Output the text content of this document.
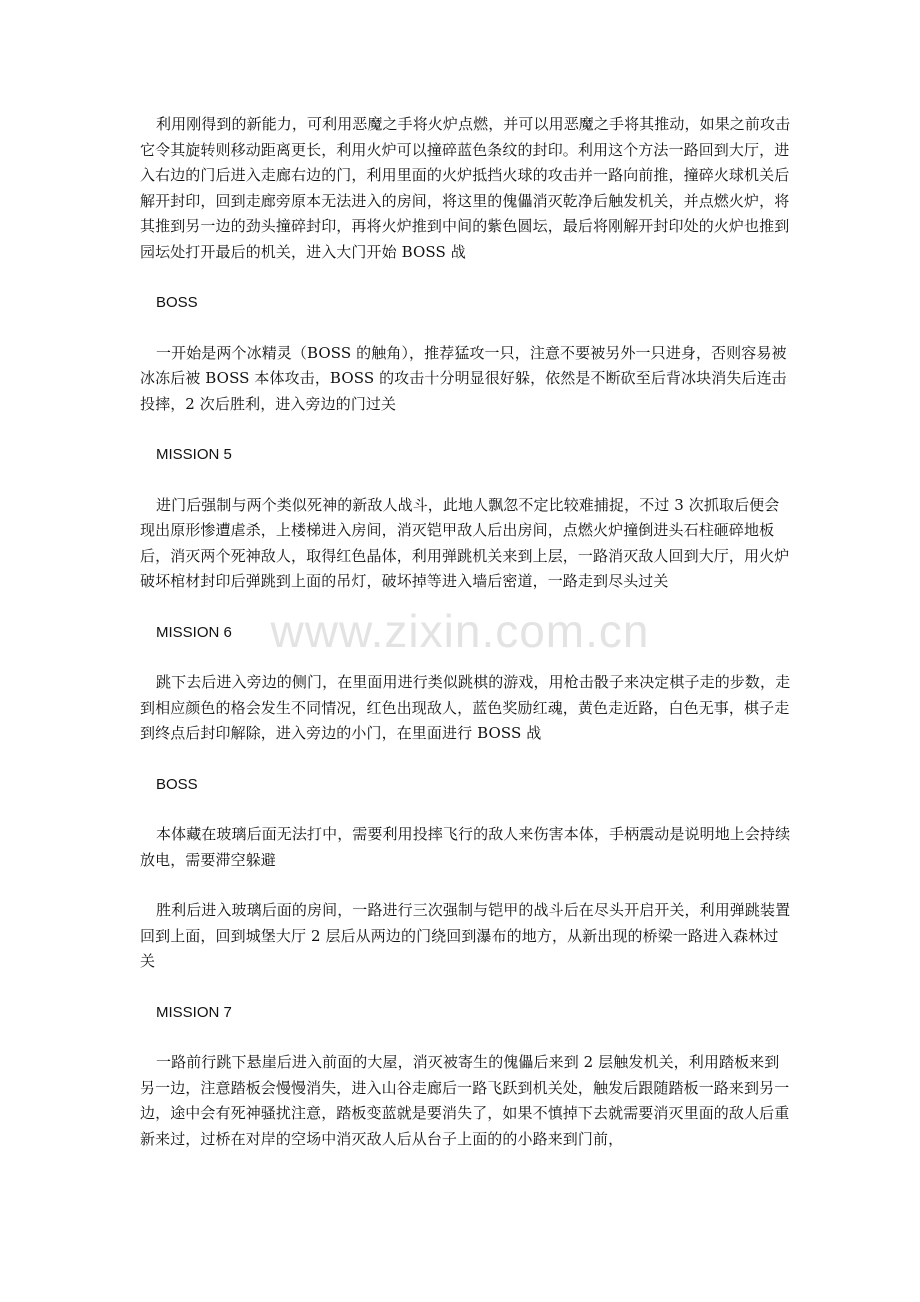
www.zixin.com.cn

利用刚得到的新能力，可利用恶魔之手将火炉点燃，并可以用恶魔之手将其推动，如果之前攻击它令其旋转则移动距离更长，利用火炉可以撞碎蓝色条纹的封印。利用这个方法一路回到大厅，进入右边的门后进入走廊右边的门，利用里面的火炉抵挡火球的攻击并一路向前推，撞碎火球机关后解开封印，回到走廊旁原本无法进入的房间，将这里的傀儡消灭乾净后触发机关，并点燃火炉，将其推到另一边的劲头撞碎封印，再将火炉推到中间的紫色圆坛，最后将刚解开封印处的火炉也推到园坛处打开最后的机关，进入大门开始 BOSS 战

BOSS

一开始是两个冰精灵（BOSS 的触角），推荐猛攻一只，注意不要被另外一只进身，否则容易被冰冻后被 BOSS 本体攻击，BOSS 的攻击十分明显很好躲，依然是不断砍至后背冰块消失后连击投摔，2 次后胜利，进入旁边的门过关

MISSION 5

进门后强制与两个类似死神的新敌人战斗，此地人飘忽不定比较难捕捉，不过 3 次抓取后便会现出原形惨遭虐杀，上楼梯进入房间，消灭铠甲敌人后出房间，点燃火炉撞倒进头石柱砸碎地板后，消灭两个死神敌人，取得红色晶体，利用弹跳机关来到上层，一路消灭敌人回到大厅，用火炉破坏棺材封印后弹跳到上面的吊灯，破坏掉等进入墙后密道，一路走到尽头过关

MISSION 6

跳下去后进入旁边的侧门，在里面用进行类似跳棋的游戏，用枪击骰子来决定棋子走的步数，走到相应颜色的格会发生不同情况，红色出现敌人，蓝色奖励红魂，黄色走近路，白色无事，棋子走到终点后封印解除，进入旁边的小门，在里面进行 BOSS 战

BOSS

本体藏在玻璃后面无法打中，需要利用投摔飞行的敌人来伤害本体，手柄震动是说明地上会持续放电，需要滞空躲避

胜利后进入玻璃后面的房间，一路进行三次强制与铠甲的战斗后在尽头开启开关，利用弹跳装置回到上面，回到城堡大厅 2 层后从两边的门绕回到瀑布的地方，从新出现的桥梁一路进入森林过关

MISSION 7

一路前行跳下悬崖后进入前面的大屋，消灭被寄生的傀儡后来到 2 层触发机关，利用踏板来到另一边，注意踏板会慢慢消失，进入山谷走廊后一路飞跃到机关处，触发后跟随踏板一路来到另一边，途中会有死神骚扰注意，踏板变蓝就是要消失了，如果不慎掉下去就需要消灭里面的敌人后重新来过，过桥在对岸的空场中消灭敌人后从台子上面的的小路来到门前，
